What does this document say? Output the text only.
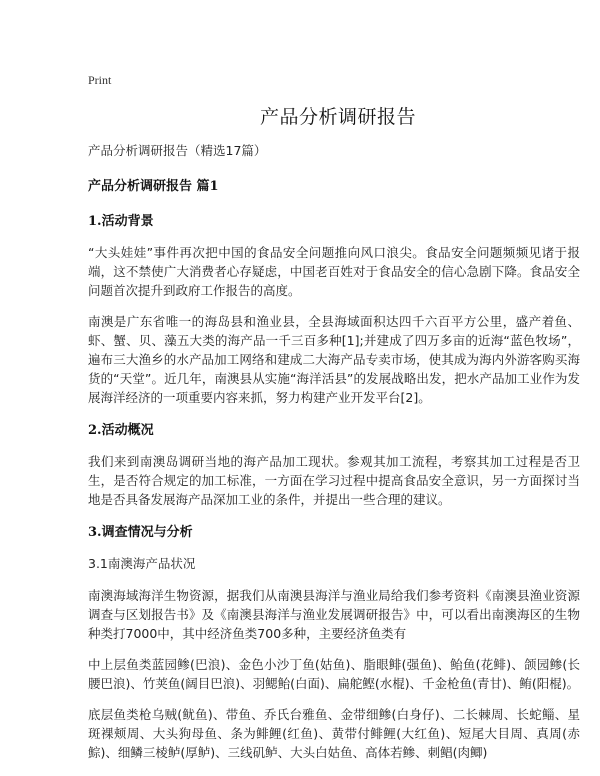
Print
产品分析调研报告
产品分析调研报告（精选17篇）
产品分析调研报告 篇1
1.活动背景

“大头娃娃”事件再次把中国的食品安全问题推向风口浪尖。食品安全问题频频见诸于报端，这不禁使广大消费者心存疑虑，中国老百姓对于食品安全的信心急剧下降。食品安全问题首次提升到政府工作报告的高度。

南澳是广东省唯一的海岛县和渔业县，全县海域面积达四千六百平方公里，盛产着鱼、虾、蟹、贝、藻五大类的海产品一千三百多种[1];并建成了四万多亩的近海“蓝色牧场”，遍布三大渔乡的水产品加工网络和建成二大海产品专卖市场，使其成为海内外游客购买海货的“天堂”。近几年，南澳县从实施“海洋活县”的发展战略出发，把水产品加工业作为发展海洋经济的一项重要内容来抓，努力构建产业开发平台[2]。

2.活动概况

我们来到南澳岛调研当地的海产品加工现状。参观其加工流程，考察其加工过程是否卫生，是否符合规定的加工标准，一方面在学习过程中提高食品安全意识，另一方面探讨当地是否具备发展海产品深加工业的条件，并提出一些合理的建议。

3.调查情况与分析
3.1南澳海产品状况

南澳海域海洋生物资源，据我们从南澳县海洋与渔业局给我们参考资料《南澳县渔业资源调查与区划报告书》及《南澳县海洋与渔业发展调研报告》中，可以看出南澳海区的生物种类打7000中，其中经济鱼类700多种，主要经济鱼类有

中上层鱼类蓝园鲹(巴浪)、金色小沙丁鱼(姑鱼)、脂眼鲱(强鱼)、鲐鱼(花鲱)、颌园鲹(长腰巴浪)、竹荚鱼(阔目巴浪)、羽鳃鲐(白面)、扁舵鲣(水棍)、千金枪鱼(青甘)、鲔(阳棍)。

底层鱼类枪乌贼(鱿鱼)、带鱼、乔氏台雅鱼、金带细鲹(白身仔)、二长棘周、长蛇鲻、星斑裸颊周、大头狗母鱼、条为鲱鲤(红鱼)、黄带付鲱鲤(大红鱼)、短尾大目周、真周(赤鯮)、细鳞三棱鲈(厚鲈)、三线矶鲈、大头白姑鱼、高体若鲹、刺鲳(肉鲫)
